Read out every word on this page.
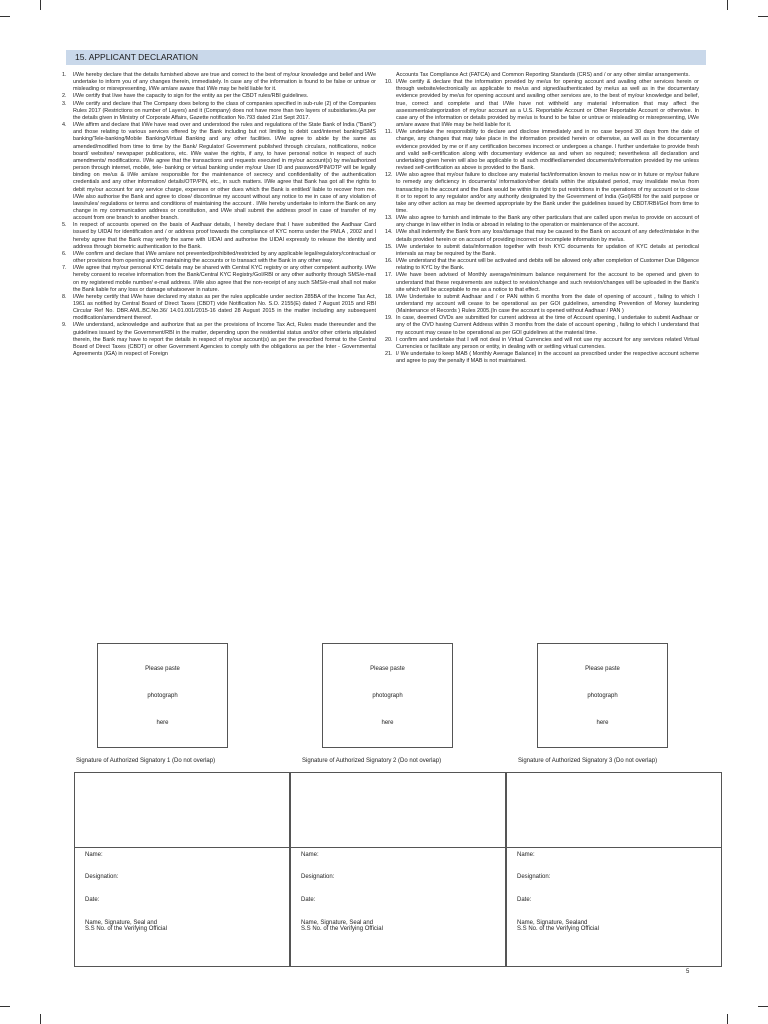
15. APPLICANT DECLARATION
1.	I/We hereby declare that the details furnished above are true and correct to the best of my/our knowledge and belief and I/We undertake to inform you of any changes therein, immediately. In case any of the information is found to be false or untrue or misleading or misrepresenting, I/We am/are aware that I/We may be held liable for it.
2.	I/We certify that I/we have the capacity to sign for the entity as per the CBDT rules/RBI guidelines.
3.	I/We certify and declare that The Company does belong to the class of companies specified in sub-rule (2) of the Companies Rules 2017 (Restrictions on number of Layers) and it (Company) does not have more than two layers of subsidiaries.(As per the details given in Ministry of Corporate Affairs, Gazette notification No.793 dated 21st Sept 2017.
4.	I/We affirm and declare that I/We have read over and understood the rules and regulations of the State Bank of India ("Bank") and those relating to various services offered by the Bank including but not limiting to debit card/internet banking/SMS banking/Tele-banking/Mobile Banking/Virtual Banking and any other facilities. I/We agree to abide by the same as amended/modified from time to time by the Bank/ Regulator/ Government published through circulars, notifications, notice board/ websites/ newspaper publications, etc. I/We waive the rights, if any, to have personal notice in respect of such amendments/ modifications. I/We agree that the transactions and requests executed in my/our account(s) by me/authorized person through internet, mobile, tele- banking or virtual banking under my/our User ID and password/PIN/OTP will be legally binding on me/us & I/We am/are responsible for the maintenance of secrecy and confidentiality of the authentication credentials and any other information/ details/OTP/PIN, etc., in such matters. I/We agree that Bank has got all the rights to debit my/our account for any service charge, expenses or other dues which the Bank is entitled/ liable to recover from me. I/We also authorise the Bank and agree to close/ discontinue my account without any notice to me in case of any violation of laws/rules/ regulations or terms and conditions of maintaining the account . I/We hereby undertake to inform the Bank on any change in my communication address or constitution, and I/We shall submit the address proof in case of transfer of my account from one branch to another branch.
5.	In respect of accounts opened on the basis of Aadhaar details, I hereby declare that I have submitted the Aadhaar Card issued by UIDAI for identification and / or address proof towards the compliance of KYC norms under the PMLA , 2002 and I hereby agree that the Bank may verify the same with UIDAI and authorise the UIDAI expressly to release the identity and address through biometric authentication to the Bank.
6.	I/We confirm and declare that I/We am/are not prevented/prohibited/restricted by any applicable legal/regulatory/contractual or other provisions from opening and/or maintaining the accounts or to transact with the Bank in any other way.
7.	I/We agree that my/our personal KYC details may be shared with Central KYC registry or any other competent authority. I/We hereby consent to receive information from the Bank/Central KYC Registry/GoI/RBI or any other authority through SMS/e-mail on my registered mobile number/ e-mail address. I/We also agree that the non-receipt of any such SMS/e-mail shall not make the Bank liable for any loss or damage whatsoever in nature.
8.	I/We hereby certify that I/We have declared my status as per the rules applicable under section 285BA of the Income Tax Act, 1961 as notified by Central Board of Direct Taxes (CBDT) vide Notification No. S.O. 2155(E) dated 7 August 2015 and RBI Circular Ref No. DBR.AML.BC.No.36/ 14.01.001/2015-16 dated 28 August 2015 in the matter including any subsequent modification/amendment thereof.
9.	I/We understand, acknowledge and authorize that as per the provisions of Income Tax Act, Rules made thereunder and the guidelines issued by the Government/RBI in the matter, depending upon the residential status and/or other criteria stipulated therein, the Bank may have to report the details in respect of my/our account(s) as per the prescribed format to the Central Board of Direct Taxes (CBDT) or other Government Agencies to comply with the obligations as per the Inter - Governmental Agreements (IGA) in respect of Foreign
Accounts Tax Compliance Act (FATCA) and Common Reporting Standards (CRS) and / or any other similar arrangements.
10. I/We certify & declare that the information provided by me/us for opening account and availing other services herein or through website/electronically as applicable to me/us and signed/authenticated by me/us as well as in the documentary evidence provided by me/us for opening account and availing other services are, to the best of my/our knowledge and belief, true, correct and complete and that I/We have not withheld any material information that may affect the assessment/categorization of my/our account as a U.S. Reportable Account or Other Reportable Account or otherwise. In case any of the information or details provided by me/us is found to be false or untrue or misleading or misrepresenting, I/We am/are aware that I/We may be held liable for it.
11. I/We undertake the responsibility to declare and disclose immediately and in no case beyond 30 days from the date of change, any changes that may take place in the information provided herein or otherwise, as well as in the documentary evidence provided by me or if any certification becomes incorrect or undergoes a change. I further undertake to provide fresh and valid self-certification along with documentary evidence as and when so required; nevertheless all declaration and undertaking given herein will also be applicable to all such modified/amended documents/information provided by me unless revised self-certification as above is provided to the Bank.
12. I/We also agree that my/our failure to disclose any material fact/information known to me/us now or in future or my/our failure to remedy any deficiency in documents/ information/other details within the stipulated period, may invalidate me/us from transacting in the account and the Bank would be within its right to put restrictions in the operations of my account or to close it or to report to any regulator and/or any authority designated by the Government of India (GoI)/RBI for the said purpose or take any other action as may be deemed appropriate by the Bank under the guidelines issued by CBDT/RBI/GoI from time to time.
13. I/We also agree to furnish and intimate to the Bank any other particulars that are called upon me/us to provide on account of any change in law either in India or abroad in relating to the operation or maintenance of the account.
14. I/We shall indemnify the Bank from any loss/damage that may be caused to the Bank on account of any defect/mistake in the details provided herein or on account of providing incorrect or incomplete information by me/us.
15. I/We undertake to submit data/information together with fresh KYC documents for updation of KYC details at periodical intervals as may be required by the Bank.
16. I/We understand that the account will be activated and debits will be allowed only after completion of Customer Due Diligence relating to KYC by the Bank.
17. I/We have been advised of Monthly average/minimum balance requirement for the account to be opened and given to understand that these requirements are subject to revision/change and such revision/changes will be uploaded in the Bank's site which will be acceptable to me as a notice to that effect.
18. I/We Undertake to submit Aadhaar and / or PAN within 6 months from the date of opening of account , failing to which I understand my account will cease to be operational as per GOI guidelines, amending Prevention of Money laundering (Maintenance of Records ) Rules 2005.(In case the account is opened without Aadhaar / PAN )
19. In case, deemed OVDs are submitted for current address at the time of Account opening, I undertake to submit Aadhaar or any of the OVD having Current Address within 3 months from the date of account opening , failing to which I understand that my account may cease to be operational as per GOI guidelines at the material time.
20. I confirm and undertake that I will not deal in Virtual Currencies and will not use my account for any services related Virtual Currencies or facilitate any person or entity, in dealing with or settling virtual currencies.
21. I/ We undertake to keep MAB ( Monthly Average Balance) in the account as prescribed under the respective account scheme and agree to pay the penalty if MAB is not maintained.
Please paste
photograph
here
Please paste
photograph
here
Please paste
photograph
here
Signature of Authorized Signatory 1 (Do not overlap)	Signature of Authorized Signatory 2 (Do not overlap)	Signature of Authorized Signatory 3 (Do not overlap)
Name:
Designation:
Date:
Name, Signature, Seal and
S.S No. of the Verifying Official
Name:
Designation:
Date:
Name, Signature, Seal and
S.S No. of the Verifying Official
Name:
Designation:
Date:
Name, Signature, Sealand
S.S No. of the Verifying Official
5
